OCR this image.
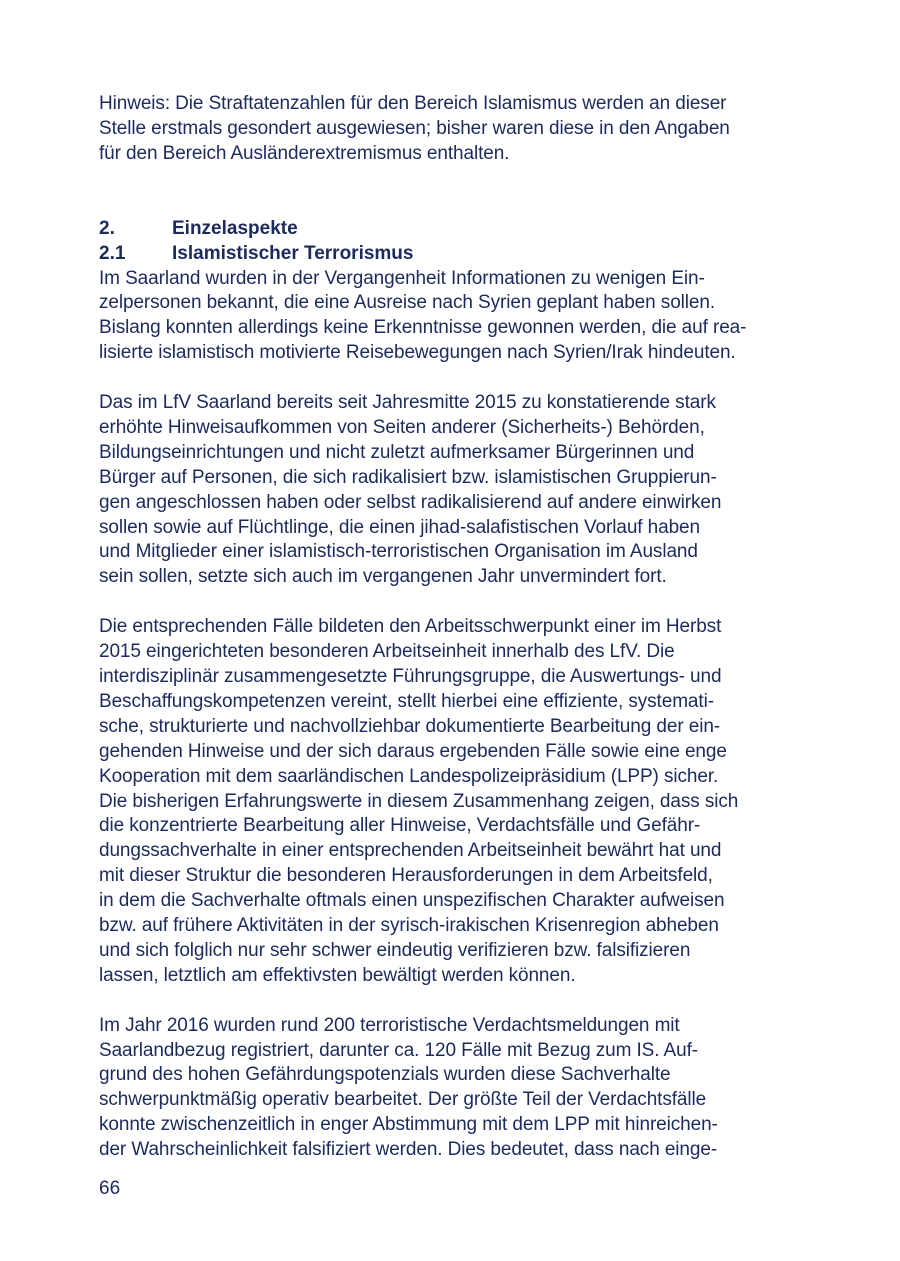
Hinweis: Die Straftatenzahlen für den Bereich Islamismus werden an dieser
Stelle erstmals gesondert ausgewiesen; bisher waren diese in den Angaben
für den Bereich Ausländerextremismus enthalten.
2.	Einzelaspekte
2.1	Islamistischer Terrorismus
Im Saarland wurden in der Vergangenheit Informationen zu wenigen Ein-
zelpersonen bekannt, die eine Ausreise nach Syrien geplant haben sollen.
Bislang konnten allerdings keine Erkenntnisse gewonnen werden, die auf rea-
lisierte islamistisch motivierte Reisebewegungen nach Syrien/Irak hindeuten.
Das im LfV Saarland bereits seit Jahresmitte 2015 zu konstatierende stark
erhöhte Hinweisaufkommen von Seiten anderer (Sicherheits-) Behörden,
Bildungseinrichtungen und nicht zuletzt aufmerksamer Bürgerinnen und
Bürger auf Personen, die sich radikalisiert bzw. islamistischen Gruppierun-
gen angeschlossen haben oder selbst radikalisierend auf andere einwirken
sollen sowie auf Flüchtlinge, die einen jihad-salafistischen Vorlauf haben
und Mitglieder einer islamistisch-terroristischen Organisation im Ausland
sein sollen, setzte sich auch im vergangenen Jahr unvermindert fort.
Die entsprechenden Fälle bildeten den Arbeitsschwerpunkt einer im Herbst
2015 eingerichteten besonderen Arbeitseinheit innerhalb des LfV. Die
interdisziplinär zusammengesetzte Führungsgruppe, die Auswertungs- und
Beschaffungskompetenzen vereint, stellt hierbei eine effiziente, systemati-
sche, strukturierte und nachvollziehbar dokumentierte Bearbeitung der ein-
gehenden Hinweise und der sich daraus ergebenden Fälle sowie eine enge
Kooperation mit dem saarländischen Landespolizeipräsidium (LPP) sicher.
Die bisherigen Erfahrungswerte in diesem Zusammenhang zeigen, dass sich
die konzentrierte Bearbeitung aller Hinweise, Verdachtsfälle und Gefähr-
dungssachverhalte in einer entsprechenden Arbeitseinheit bewährt hat und
mit dieser Struktur die besonderen Herausforderungen in dem Arbeitsfeld,
in dem die Sachverhalte oftmals einen unspezifischen Charakter aufweisen
bzw. auf frühere Aktivitäten in der syrisch-irakischen Krisenregion abheben
und sich folglich nur sehr schwer eindeutig verifizieren bzw. falsifizieren
lassen, letztlich am effektivsten bewältigt werden können.
Im Jahr 2016 wurden rund 200 terroristische Verdachtsmeldungen mit
Saarlandbezug registriert, darunter ca. 120 Fälle mit Bezug zum IS. Auf-
grund des hohen Gefährdungspotenzials wurden diese Sachverhalte
schwerpunktmäßig operativ bearbeitet. Der größte Teil der Verdachtsfälle
konnte zwischenzeitlich in enger Abstimmung mit dem LPP mit hinreichen-
der Wahrscheinlichkeit falsifiziert werden. Dies bedeutet, dass nach einge-
66
